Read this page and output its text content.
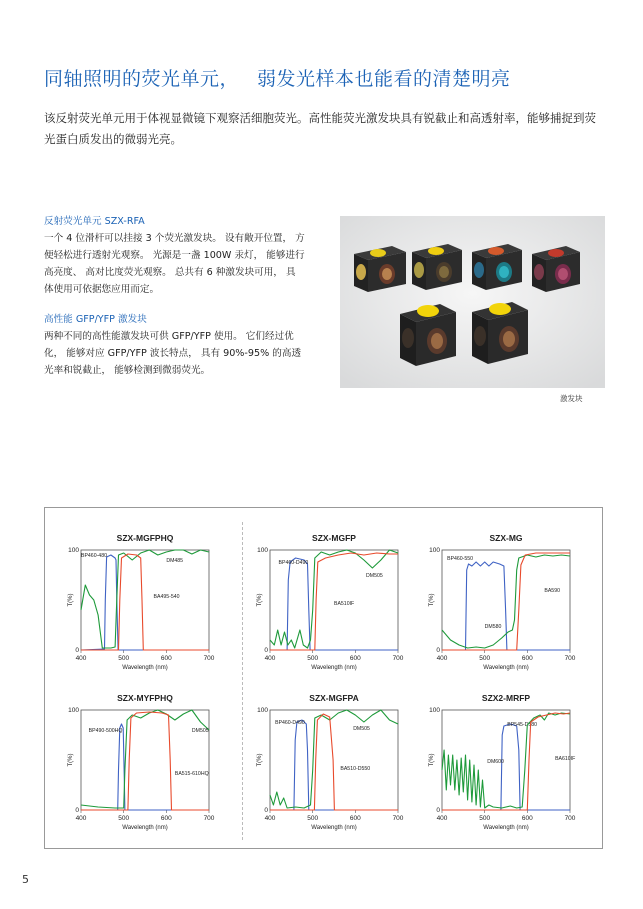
同轴照明的荧光单元， 弱发光样本也能看的清楚明亮

该反射荧光单元用于体视显微镜下观察活细胞荧光。高性能荧光激发块具有锐截止和高透射率，能够捕捉到荧光蛋白质发出的微弱光亮。

反射荧光单元 SZX-RFA
一个 4 位滑杆可以挂接 3 个荧光激发块。 设有敞开位置， 方
便轻松进行透射光观察。 光源是一盏 100W 汞灯， 能够进行
高亮度、 高对比度荧光观察。 总共有 6 种激发块可用， 具
体使用可依据您应用而定。
高性能 GFP/YFP 激发块
两种不同的高性能激发块可供 GFP/YFP 使用。 它们经过优
化， 能够对应 GFP/YFP 波长特点， 具有 90%-95% 的高透
光率和锐截止， 能够检测到微弱荧光。
激发块
SZX-MGFPHQ
400	500	600	700
0
100
Wavelength (nm)
T(%)
BP460-480
DM485
BA495-540
SZX-MGFP
400	500	600	700
0
100
Wavelength (nm)
T(%)
BP460-D490
DM505
BA510IF
SZX-MG
400	500	600	700
0
100
Wavelength (nm)
T(%)
BP460-550
DM580
BA590
SZX-MYFPHQ
400	500	600	700
0
100
Wavelength (nm)
T(%)
BP490-500HQ	DM505
BA515-610HQ
SZX-MGFPA
400	500	600	700
0
100
Wavelength (nm)
T(%)
BP460-D490
DM505
BA510-D550
SZX2-MRFP
400	500	600	700
0
100
Wavelength (nm)
T(%)
BP545-D580
DM600	BA610IF
5
